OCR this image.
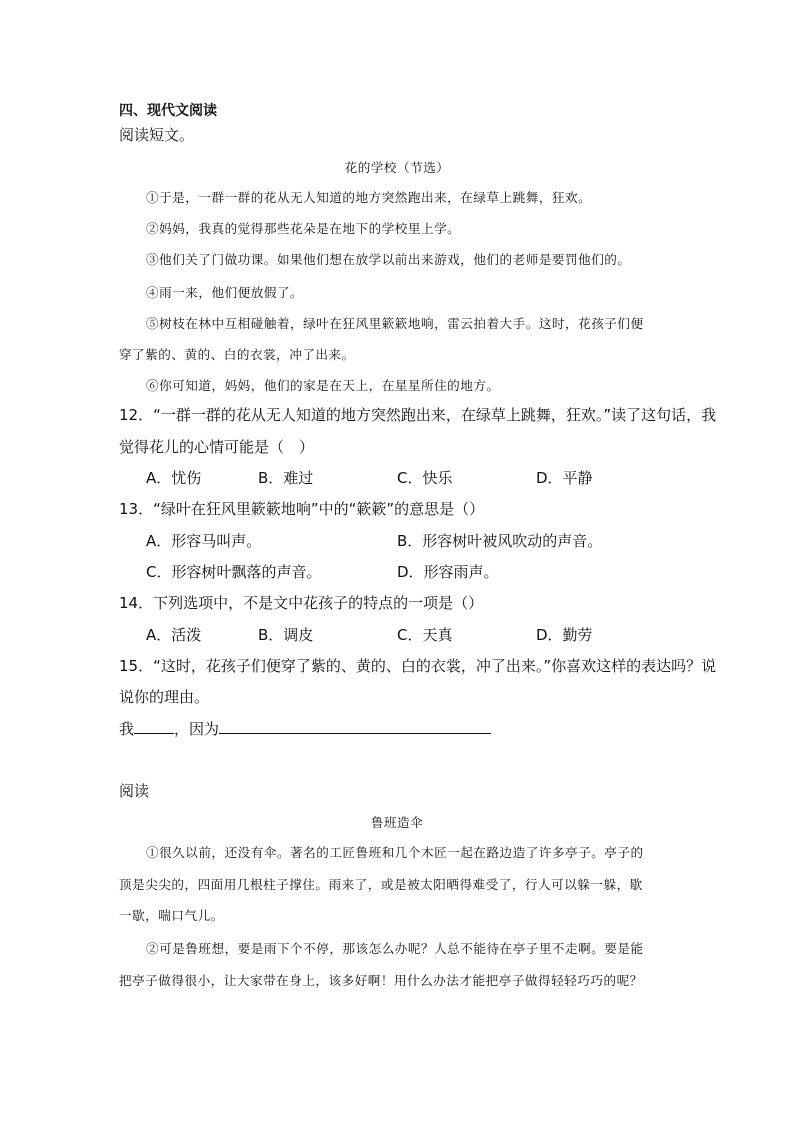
四、现代文阅读
阅读短文。
花的学校（节选）
①于是，一群一群的花从无人知道的地方突然跑出来，在绿草上跳舞，狂欢。
②妈妈，我真的觉得那些花朵是在地下的学校里上学。
③他们关了门做功课。如果他们想在放学以前出来游戏，他们的老师是要罚他们的。
④雨一来，他们便放假了。
⑤树枝在林中互相碰触着，绿叶在狂风里簌簌地响，雷云拍着大手。这时，花孩子们便
穿了紫的、黄的、白的衣裳，冲了出来。
⑥你可知道，妈妈，他们的家是在天上，在星星所住的地方。
12．“一群一群的花从无人知道的地方突然跑出来，在绿草上跳舞，狂欢。”读了这句话，我
觉得花儿的心情可能是（　）
A．忧伤	B．难过	C．快乐	D．平静
13．“绿叶在狂风里簌簌地响”中的“簌簌”的意思是（）
A．形容马叫声。	B．形容树叶被风吹动的声音。
C．形容树叶飘落的声音。	D．形容雨声。
14．下列选项中，不是文中花孩子的特点的一项是（）
A．活泼	B．调皮	C．天真	D．勤劳
15．“这时，花孩子们便穿了紫的、黄的、白的衣裳，冲了出来。”你喜欢这样的表达吗？说
说你的理由。
我	，因为
阅读
鲁班造伞
①很久以前，还没有伞。著名的工匠鲁班和几个木匠一起在路边造了许多亭子。亭子的
顶是尖尖的，四面用几根柱子撑住。雨来了，或是被太阳晒得难受了，行人可以躲一躲，歇
一歇，喘口气儿。
②可是鲁班想，要是雨下个不停，那该怎么办呢？人总不能待在亭子里不走啊。要是能
把亭子做得很小，让大家带在身上，该多好啊！用什么办法才能把亭子做得轻轻巧巧的呢？
